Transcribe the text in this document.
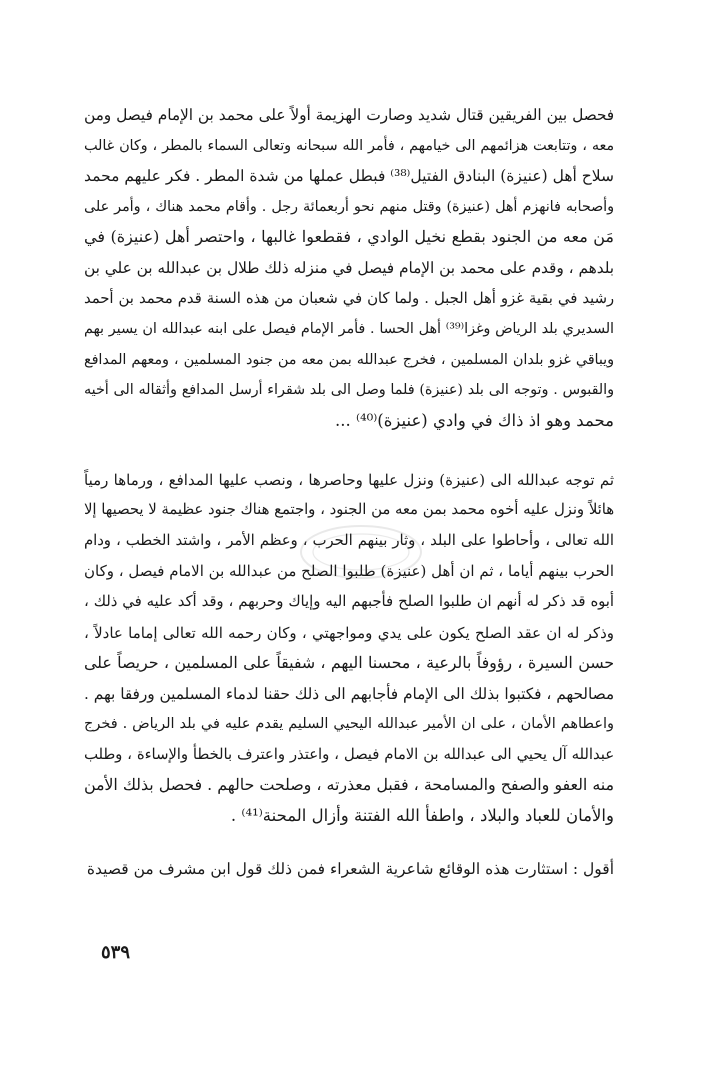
فحصل بين الفريقين قتال شديد وصارت الهزيمة أولاً على محمد بن الإمام فيصل ومن
معه ، وتتابعت هزائمهم الى خيامهم ، فأمر الله سبحانه وتعالى السماء بالمطر ، وكان غالب
سلاح أهل (عنيزة) البنادق الفتيل⁽³⁸⁾ فبطل عملها من شدة المطر . فكر عليهم محمد
وأصحابه فانهزم أهل (عنيزة) وقتل منهم نحو أربعمائة رجل . وأقام محمد هناك ، وأمر على
مَن معه من الجنود بقطع نخيل الوادي ، فقطعوا غالبها ، واحتصر أهل (عنيزة) في
بلدهم ، وقدم على محمد بن الإمام فيصل في منزله ذلك طلال بن عبدالله بن علي بن
رشيد في بقية غزو أهل الجبل . ولما كان في شعبان من هذه السنة قدم محمد بن أحمد
السديري بلد الرياض وغزا⁽³⁹⁾ أهل الحسا . فأمر الإمام فيصل على ابنه عبدالله ان يسير بهم
ويباقي غزو بلدان المسلمين ، فخرج عبدالله بمن معه من جنود المسلمين ، ومعهم المدافع
والقبوس . وتوجه الى بلد (عنيزة) فلما وصل الى بلد شقراء أرسل المدافع وأثقاله الى أخيه
محمد وهو اذ ذاك في وادي (عنيزة)⁽⁴⁰⁾ ...

ثم توجه عبدالله الى (عنيزة) ونزل عليها وحاصرها ، ونصب عليها المدافع ، ورماها رمياً
هائلاً ونزل عليه أخوه محمد بمن معه من الجنود ، واجتمع هناك جنود عظيمة لا يحصيها إلا
الله تعالى ، وأحاطوا على البلد ، وثار بينهم الحرب ، وعظم الأمر ، واشتد الخطب ، ودام
الحرب بينهم أياما ، ثم ان أهل (عنيزة) طلبوا الصلح من عبدالله بن الامام فيصل ، وكان
أبوه قد ذكر له أنهم ان طلبوا الصلح فأجبهم اليه وإياك وحربهم ، وقد أكد عليه في ذلك ،
وذكر له ان عقد الصلح يكون على يدي ومواجهتي ، وكان رحمه الله تعالى إماما عادلاً ،
حسن السيرة ، رؤوفاً بالرعية ، محسنا اليهم ، شفيقاً على المسلمين ، حريصاً على
مصالحهم ، فكتبوا بذلك الى الإمام فأجابهم الى ذلك حقنا لدماء المسلمين ورفقا بهم .
واعطاهم الأمان ، على ان الأمير عبدالله اليحيي السليم يقدم عليه في بلد الرياض . فخرج
عبدالله آل يحيي الى عبدالله بن الامام فيصل ، واعتذر واعترف بالخطأ والإساءة ، وطلب
منه العفو والصفح والمسامحة ، فقبل معذرته ، وصلحت حالهم . فحصل بذلك الأمن
والأمان للعباد والبلاد ، واطفأ الله الفتنة وأزال المحنة⁽⁴¹⁾ .

أقول : استثارت هذه الوقائع شاعرية الشعراء فمن ذلك قول ابن مشرف من قصيدة

٥٣٩
